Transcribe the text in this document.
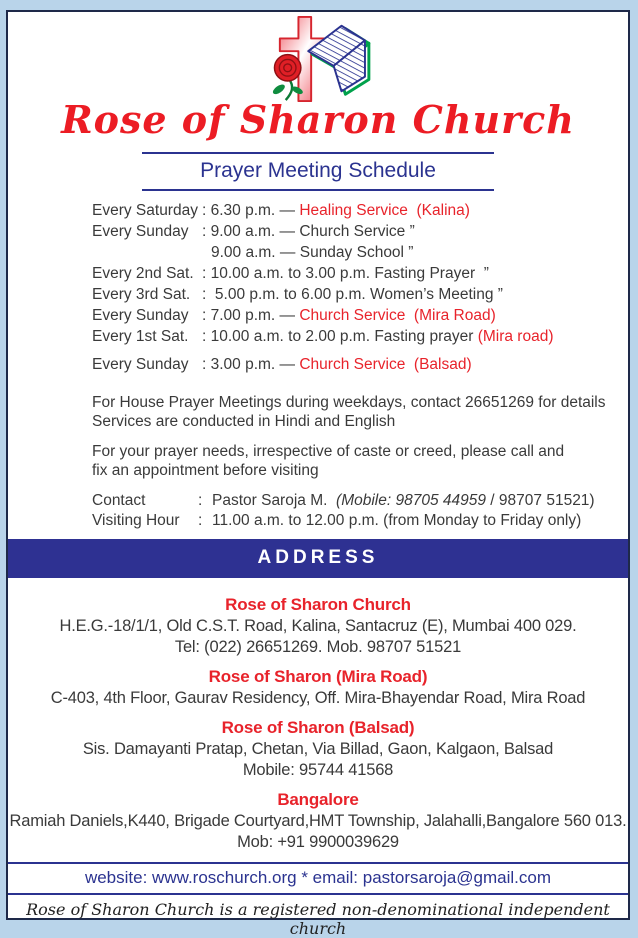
Rose of Sharon Church
Prayer Meeting Schedule
Every Saturday : 6.30 p.m. — Healing Service  (Kalina)
Every Sunday : 9.00 a.m. — Church Service ”
9.00 a.m. — Sunday School ”
Every 2nd Sat. : 10.00 a.m. to 3.00 p.m. Fasting Prayer  ”
Every 3rd Sat. :  5.00 p.m. to 6.00 p.m. Women’s Meeting ”
Every Sunday : 7.00 p.m. — Church Service  (Mira Road)
Every 1st Sat. : 10.00 a.m. to 2.00 p.m. Fasting prayer (Mira road)
Every Sunday : 3.00 p.m. — Church Service  (Balsad)
For House Prayer Meetings during weekdays, contact 26651269 for details
Services are conducted in Hindi and English
For your prayer needs, irrespective of caste or creed, please call and
fix an appointment before visiting
Contact	: Pastor Saroja M. (Mobile: 98705 44959 / 98707 51521)
Visiting Hour	: 11.00 a.m. to 12.00 p.m. (from Monday to Friday only)
ADDRESS
Rose of Sharon Church
H.E.G.-18/1/1, Old C.S.T. Road, Kalina, Santacruz (E), Mumbai 400 029.
Tel: (022) 26651269. Mob. 98707 51521
Rose of Sharon (Mira Road)
C-403, 4th Floor, Gaurav Residency, Off. Mira-Bhayendar Road, Mira Road
Rose of Sharon (Balsad)
Sis. Damayanti Pratap, Chetan, Via Billad, Gaon, Kalgaon, Balsad
Mobile: 95744 41568
Bangalore
Ramiah Daniels,K440, Brigade Courtyard,HMT Township, Jalahalli,Bangalore 560 013.
Mob: +91 9900039629
website: www.roschurch.org * email: pastorsaroja@gmail.com
Rose of Sharon Church is a registered non-denominational independent church
